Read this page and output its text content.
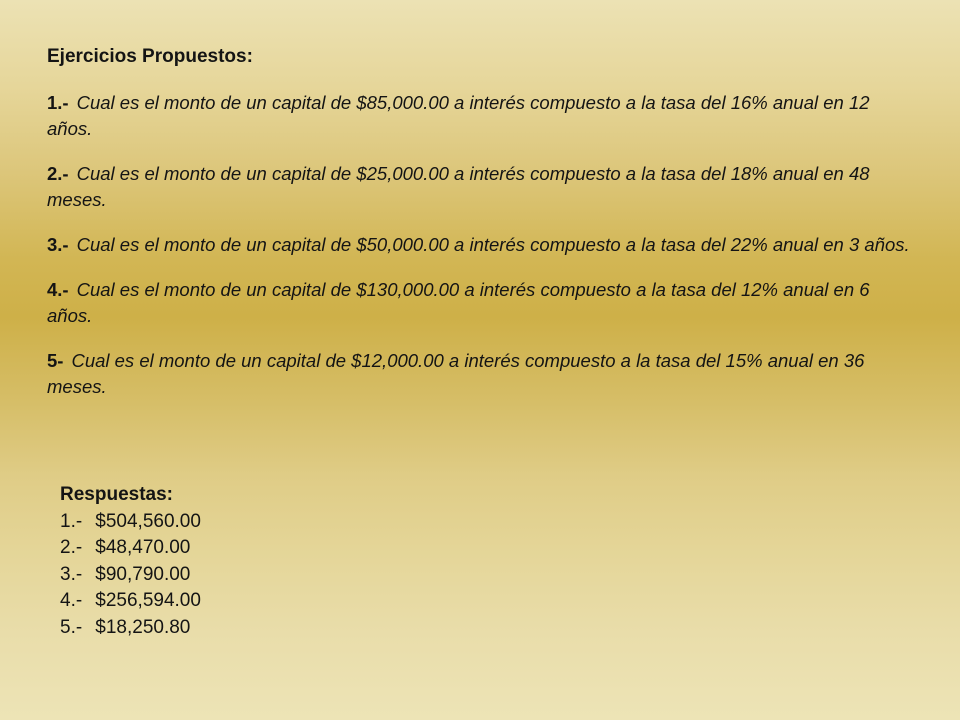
Ejercicios Propuestos:
1.- Cual es el monto de un capital de $85,000.00 a interés compuesto a la tasa del 16% anual en 12 años.
2.- Cual es el monto de un capital de $25,000.00 a interés compuesto a la tasa del 18% anual en 48 meses.
3.- Cual es el monto de un capital de $50,000.00 a interés compuesto a la tasa del 22% anual en 3 años.
4.- Cual es el monto de un capital de $130,000.00 a interés compuesto a la tasa del 12% anual en 6 años.
5- Cual es el monto de un capital de $12,000.00 a interés compuesto a la tasa del 15% anual en 36 meses.

Respuestas:

1.- $504,560.00
2.- $48,470.00
3.- $90,790.00
4.- $256,594.00
5.- $18,250.80
